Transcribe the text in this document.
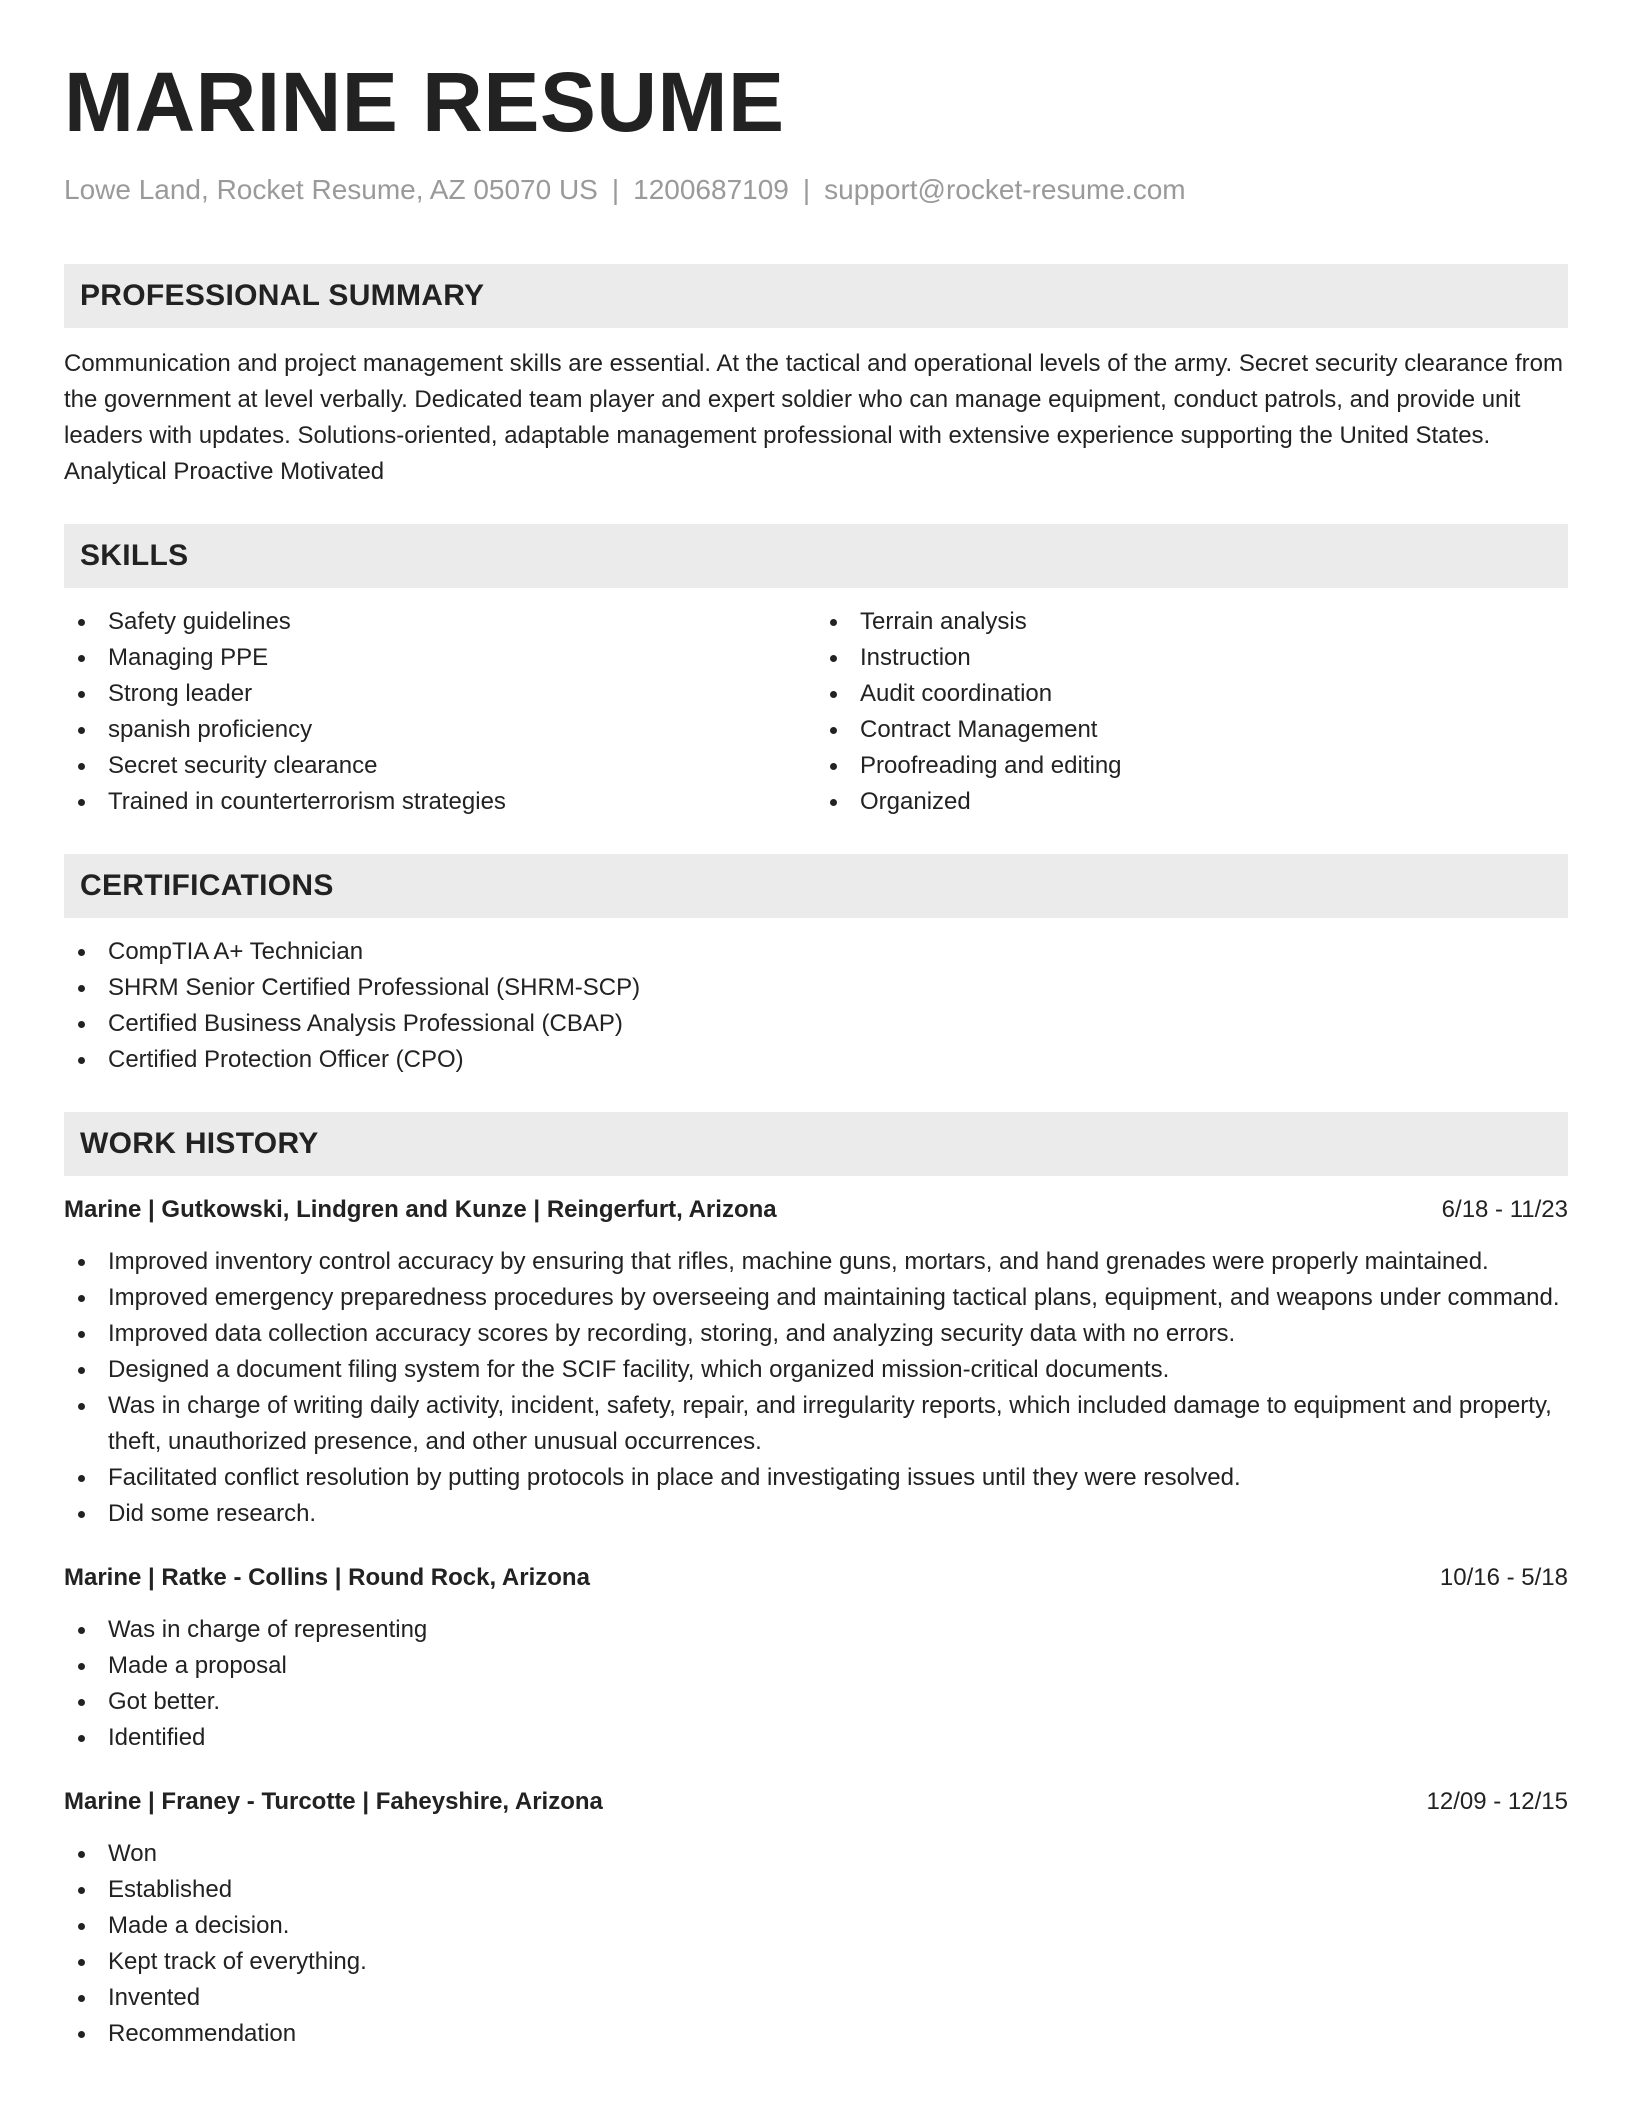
MARINE RESUME
Lowe Land, Rocket Resume, AZ 05070 US | 1200687109 | support@rocket-resume.com
PROFESSIONAL SUMMARY
Communication and project management skills are essential. At the tactical and operational levels of the army. Secret security clearance from the government at level verbally. Dedicated team player and expert soldier who can manage equipment, conduct patrols, and provide unit leaders with updates. Solutions-oriented, adaptable management professional with extensive experience supporting the United States. Analytical Proactive Motivated
SKILLS
Safety guidelines
Managing PPE
Strong leader
spanish proficiency
Secret security clearance
Trained in counterterrorism strategies
Terrain analysis
Instruction
Audit coordination
Contract Management
Proofreading and editing
Organized
CERTIFICATIONS
CompTIA A+ Technician
SHRM Senior Certified Professional (SHRM-SCP)
Certified Business Analysis Professional (CBAP)
Certified Protection Officer (CPO)
WORK HISTORY
Marine | Gutkowski, Lindgren and Kunze | Reingerfurt, Arizona	6/18 - 11/23
Improved inventory control accuracy by ensuring that rifles, machine guns, mortars, and hand grenades were properly maintained.
Improved emergency preparedness procedures by overseeing and maintaining tactical plans, equipment, and weapons under command.
Improved data collection accuracy scores by recording, storing, and analyzing security data with no errors.
Designed a document filing system for the SCIF facility, which organized mission-critical documents.
Was in charge of writing daily activity, incident, safety, repair, and irregularity reports, which included damage to equipment and property, theft, unauthorized presence, and other unusual occurrences.
Facilitated conflict resolution by putting protocols in place and investigating issues until they were resolved.
Did some research.
Marine | Ratke - Collins | Round Rock, Arizona	10/16 - 5/18
Was in charge of representing
Made a proposal
Got better.
Identified
Marine | Franey - Turcotte | Faheyshire, Arizona	12/09 - 12/15
Won
Established
Made a decision.
Kept track of everything.
Invented
Recommendation
